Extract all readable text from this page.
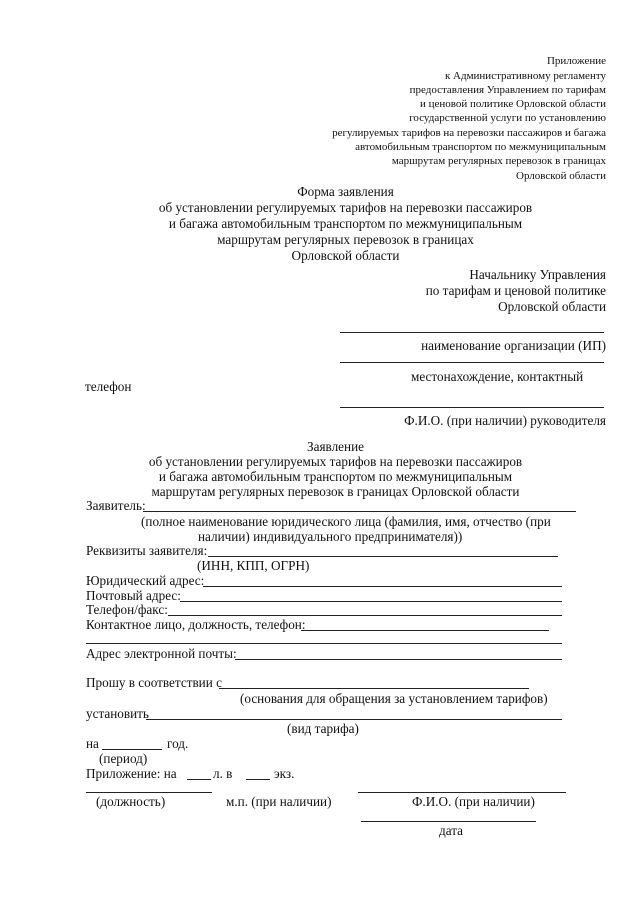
Приложение
к Административному регламенту
предоставления Управлением по тарифам
и ценовой политике Орловской области
государственной услуги по установлению
регулируемых тарифов на перевозки пассажиров и багажа
автомобильным транспортом по межмуниципальным
маршрутам регулярных перевозок в границах
Орловской области
Форма заявления
об установлении регулируемых тарифов на перевозки пассажиров
и багажа автомобильным транспортом по межмуниципальным
маршрутам регулярных перевозок в границах
Орловской области
Начальнику Управления
по тарифам и ценовой политике
Орловской области
наименование организации (ИП)
местонахождение, контактный
телефон
Ф.И.О. (при наличии) руководителя
Заявление
об установлении регулируемых тарифов на перевозки пассажиров
и багажа автомобильным транспортом по межмуниципальным
маршрутам регулярных перевозок в границах Орловской области
Заявитель:
(полное наименование юридического лица (фамилия, имя, отчество (при
наличии) индивидуального предпринимателя))
Реквизиты заявителя:
(ИНН, КПП, ОГРН)
Юридический адрес:
Почтовый адрес:
Телефон/факс:
Контактное лицо, должность, телефон:
Адрес электронной почты:
Прошу в соответствии с
(основания для обращения за установлением тарифов)
установить
(вид тарифа)
на	год.
(период)
Приложение: на	л. в	экз.
(должность)	м.п. (при наличии)	Ф.И.О. (при наличии)
дата
